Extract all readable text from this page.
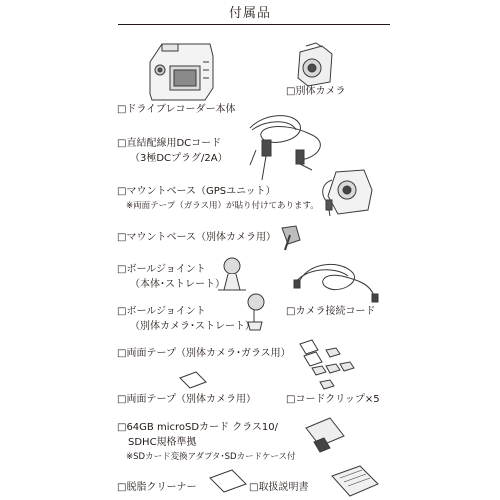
付属品
□ドライブレコーダー本体
□別体カメラ
□直結配線用DCコード
（3極DCプラグ/2A）
□マウントベース（GPSユニット）
※両面テープ（ガラス用）が貼り付けてあります。
□マウントベース（別体カメラ用）
□ボールジョイント
（本体･ストレート）
□ボールジョイント
（別体カメラ･ストレート）
□カメラ接続コード
□両面テープ（別体カメラ･ガラス用）
□両面テープ（別体カメラ用）	□コードクリップ×5
□64GB microSDカード クラス10/
SDHC規格準拠
※SDカード変換アダプタ･SDカードケース付
□脱脂クリーナー	□取扱説明書
